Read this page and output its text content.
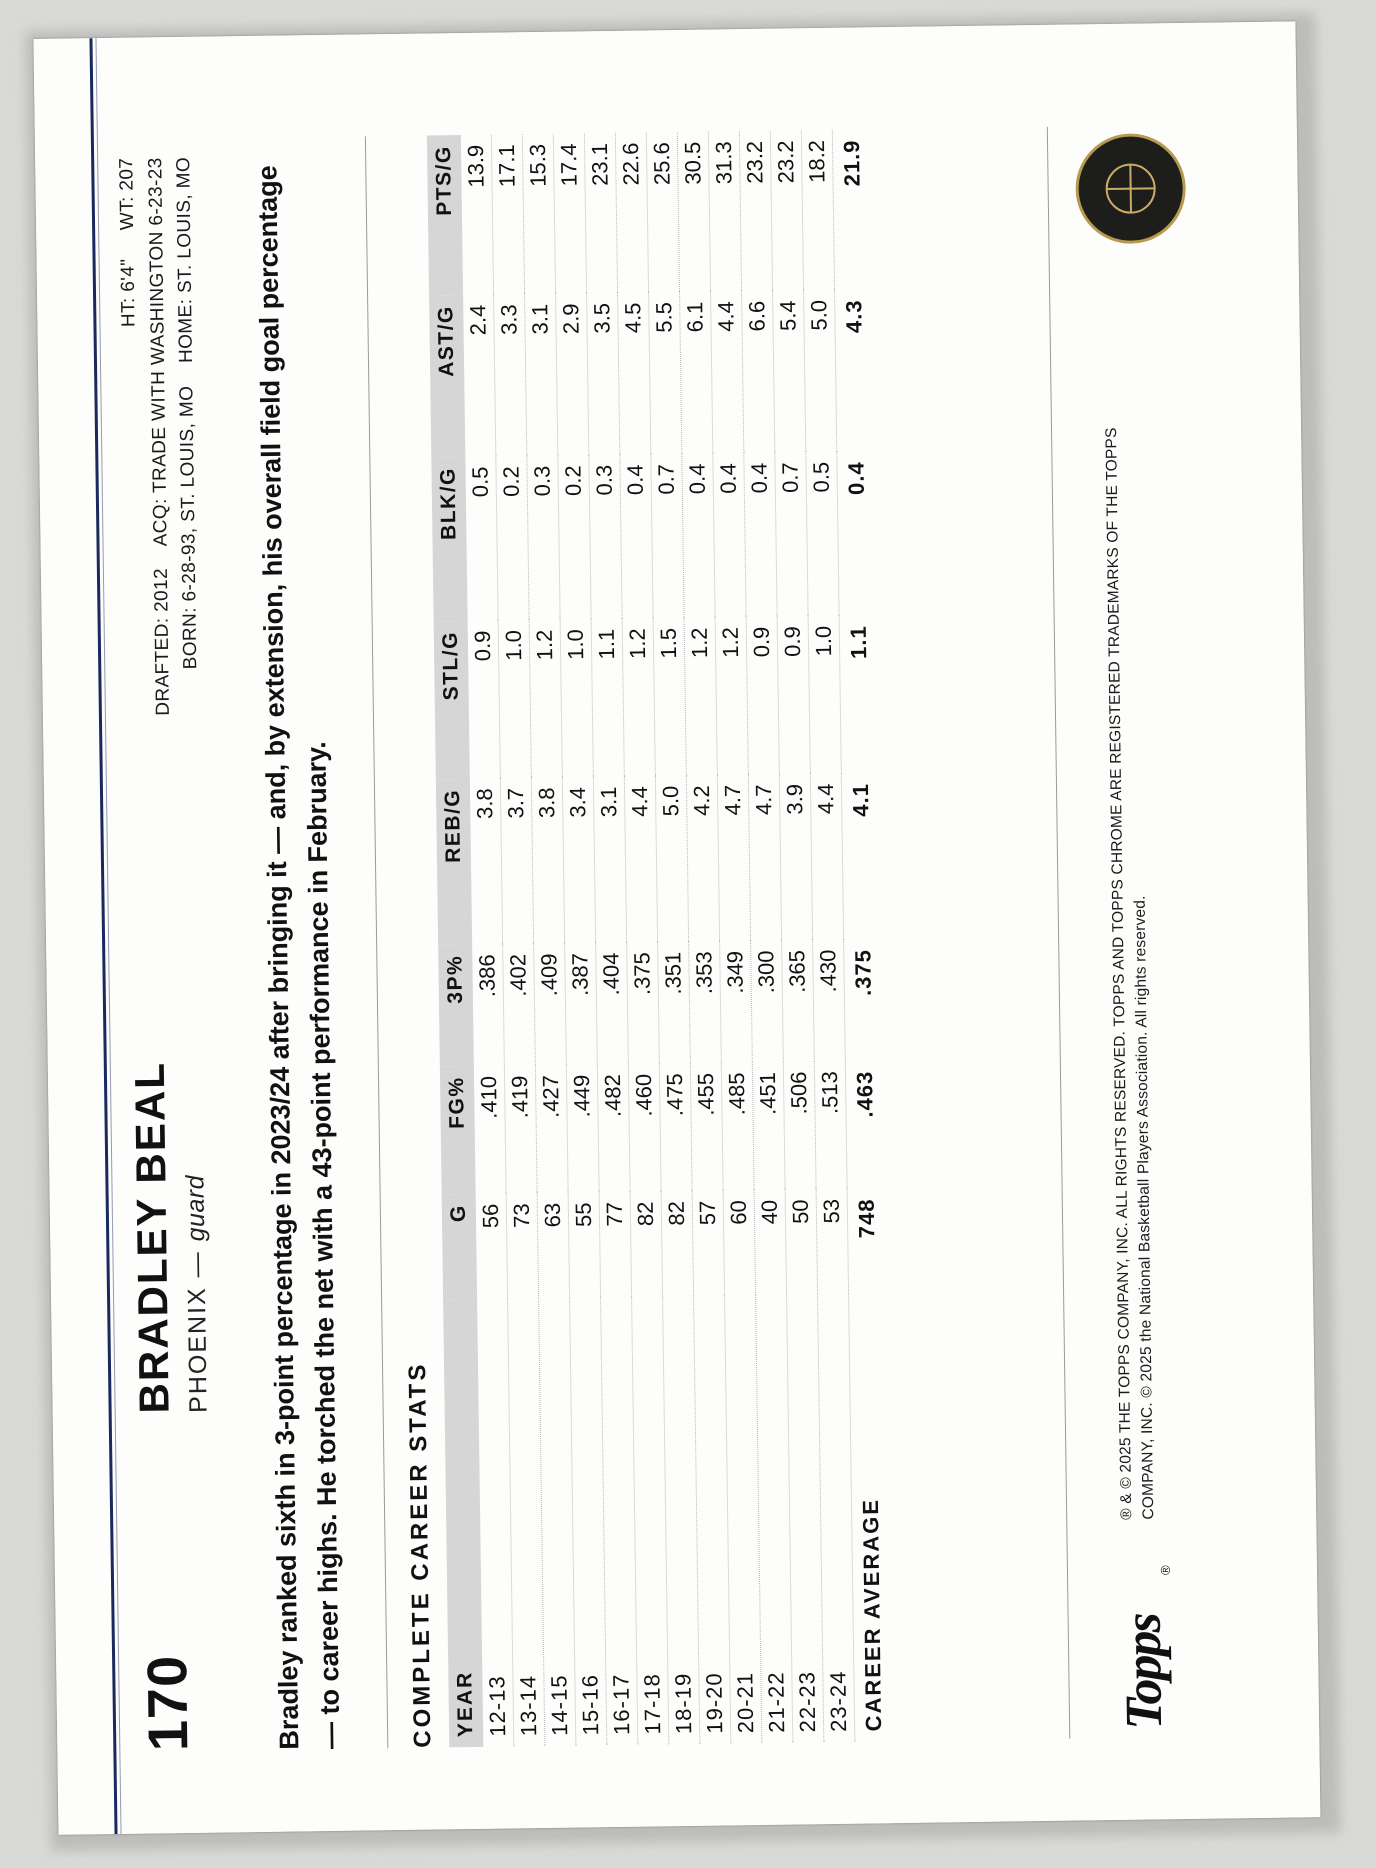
170
BRADLEY BEAL PHOENIX — guard
HT: 6'4"     WT: 207
DRAFTED: 2012    ACQ: TRADE WITH WASHINGTON 6-23-23 BORN: 6-28-93, ST. LOUIS, MO    HOME: ST. LOUIS, MO	Bradley ranked sixth in 3-point percentage in 2023/24 after bringing it — and, by extension, his overall field goal percentage — to career highs. He torched the net with a 43-point performance in February. COMPLETE CAREER STATS YEAR	G	FG%	3P%	REB/G	STL/G	BLK/G	AST/G	PTS/G
12-13	56	.410	.386	3.8	0.9	0.5	2.4	13.9
13-14	73	.419	.402	3.7	1.0	0.2	3.3	17.1
14-15	63	.427	.409	3.8	1.2	0.3	3.1	15.3
15-16	55	.449	.387	3.4	1.0	0.2	2.9	17.4
16-17	77	.482	.404	3.1	1.1	0.3	3.5	23.1
17-18	82	.460	.375	4.4	1.2	0.4	4.5	22.6
18-19	82	.475	.351	5.0	1.5	0.7	5.5	25.6
19-20	57	.455	.353	4.2	1.2	0.4	6.1	30.5
20-21	60	.485	.349	4.7	1.2	0.4	4.4	31.3
21-22	40	.451	.300	4.7	0.9	0.4	6.6	23.2
22-23	50	.506	.365	3.9	0.9	0.7	5.4	23.2
23-24	53	.513	.430	4.4	1.0	0.5	5.0	18.2
CAREER AVERAGE	748	.463	.375	4.1	1.1	0.4	4.3	21.9
Topps
®
® & © 2025 THE TOPPS COMPANY, INC. ALL RIGHTS RESERVED. TOPPS AND TOPPS CHROME ARE REGISTERED TRADEMARKS OF THE TOPPS COMPANY, INC. © 2025 the National Basketball Players Association. All rights reserved.
